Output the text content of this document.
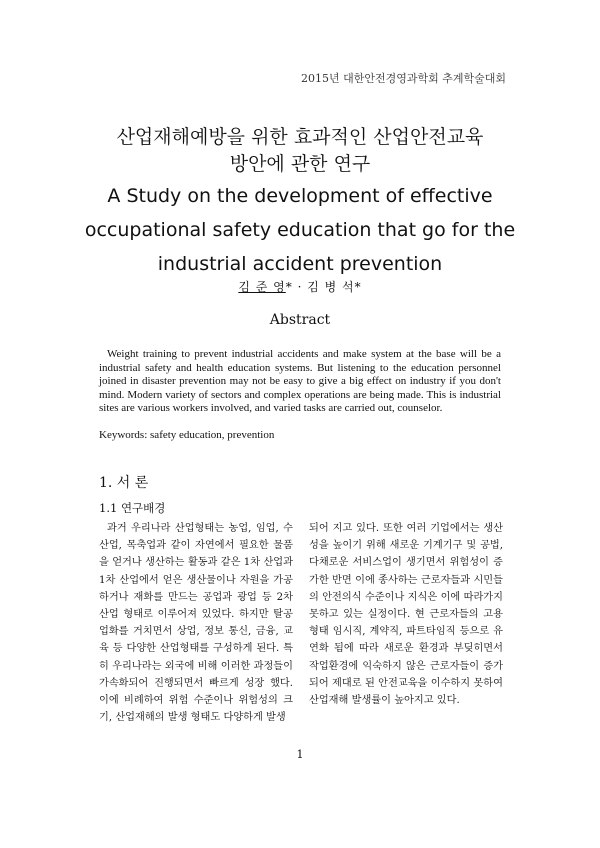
2015년 대한안전경영과학회 추계학술대회
산업재해예방을 위한 효과적인 산업안전교육
방안에 관한 연구
A Study on the development of effective
occupational safety education that go for the
industrial accident prevention
김 준 영* · 김 병 석*
Abstract
Weight training to prevent industrial accidents and make system at the base will be a industrial safety and health education systems. But listening to the education personnel joined in disaster prevention may not be easy to give a big effect on industry if you don't mind. Modern variety of sectors and complex operations are being made. This is industrial sites are various workers involved, and varied tasks are carried out, counselor.
Keywords: safety education, prevention
1. 서 론
1.1 연구배경
과거 우리나라 산업형태는 농업, 임업, 수산업, 목축업과 같이 자연에서 필요한 물품을 얻거나 생산하는 활동과 같은 1차 산업과 1차 산업에서 얻은 생산물이나 자원을 가공하거나 재화를 만드는 공업과 광업 등 2차 산업 형태로 이루어져 있었다. 하지만 탈공업화를 거치면서 상업, 정보 통신, 금융, 교육 등 다양한 산업형태를 구성하게 된다. 특히 우리나라는 외국에 비해 이러한 과정들이 가속화되어 진행되면서 빠르게 성장 했다. 이에 비례하여 위험 수준이나 위험성의 크기, 산업재해의 발생 형태도 다양하게 발생
되어 지고 있다. 또한 여러 기업에서는 생산성을 높이기 위해 새로운 기계기구 및 공법, 다채로운 서비스업이 생기면서 위험성이 증가한 반면 이에 종사하는 근로자들과 시민들의 안전의식 수준이나 지식은 이에 따라가지 못하고 있는 실정이다. 현 근로자들의 고용형태 임시직, 계약직, 파트타임직 등으로 유연화 됨에 따라 새로운 환경과 부딪히면서 작업환경에 익숙하지 않은 근로자들이 증가되어 제대로 된 안전교육을 이수하지 못하여 산업재해 발생률이 높아지고 있다.
1
